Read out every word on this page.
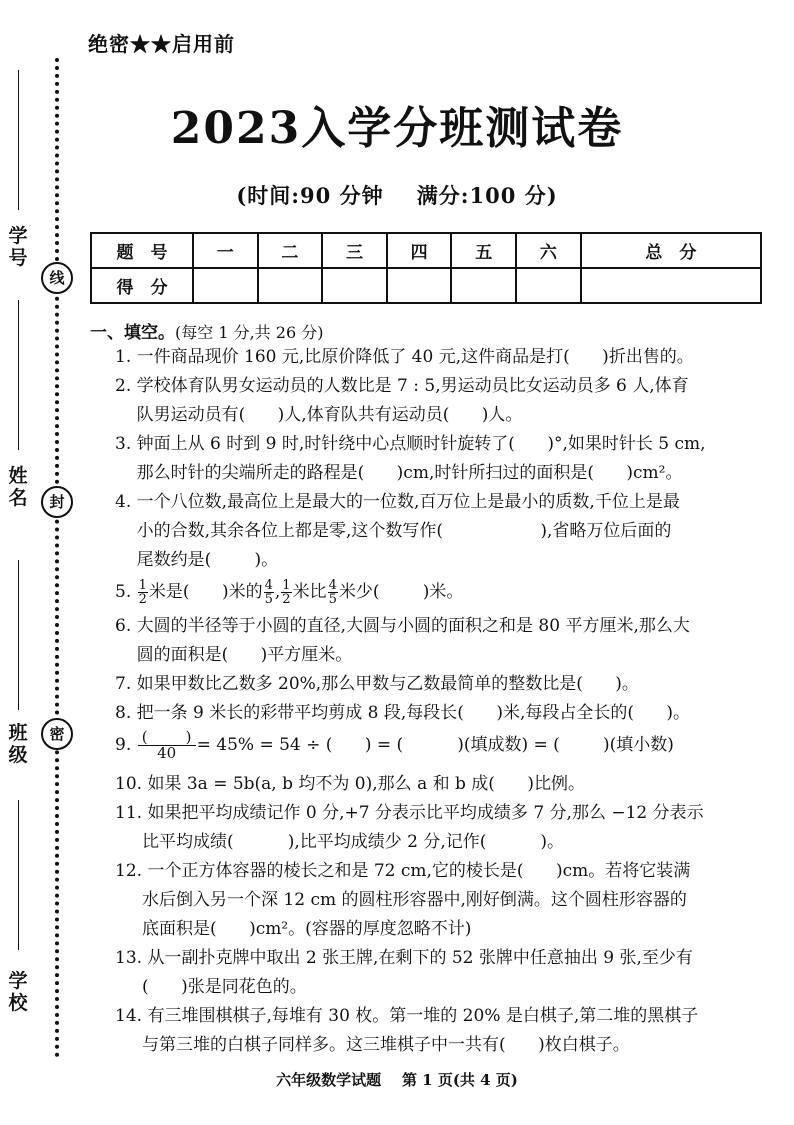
绝密★★启用前
2023入学分班测试卷
(时间:90 分钟    满分:100 分)
线
封
密
学 号
姓 名
班 级
学 校
题　号	一	二	三	四	五	六	总　分
得　分							
一、填空。(每空 1 分,共 26 分)
1. 一件商品现价 160 元,比原价降低了 40 元,这件商品是打(      )折出售的。
2. 学校体育队男女运动员的人数比是 7 : 5,男运动员比女运动员多 6 人,体育
队男运动员有(      )人,体育队共有运动员(      )人。
3. 钟面上从 6 时到 9 时,时针绕中心点顺时针旋转了(      )°,如果时针长 5 cm,
那么时针的尖端所走的路程是(      )cm,时针所扫过的面积是(      )cm²。
4. 一个八位数,最高位上是最大的一位数,百万位上是最小的质数,千位上是最
小的合数,其余各位上都是零,这个数写作(                  ),省略万位后面的
尾数约是(        )。
5. $\frac{1}{2}$ 米是(      )米的 $\frac{4}{5}$ , $\frac{1}{2}$ 米比 $\frac{4}{5}$ 米少(        )米。
6. 大圆的半径等于小圆的直径,大圆与小圆的面积之和是 80 平方厘米,那么大
圆的面积是(      )平方厘米。
7. 如果甲数比乙数多 20%,那么甲数与乙数最简单的整数比是(      )。
8. 把一条 9 米长的彩带平均剪成 8 段,每段长(      )米,每段占全长的(      )。
9. $\frac{( )}{40} = 45\% = 54$ ÷ (      ) = (          )(填成数) = (        )(填小数)
10. 如果 3a = 5b(a, b 均不为 0),那么 a 和 b 成(      )比例。
11. 如果把平均成绩记作 0 分,+7 分表示比平均成绩多 7 分,那么 −12 分表示
比平均成绩(          ),比平均成绩少 2 分,记作(          )。
12. 一个正方体容器的棱长之和是 72 cm,它的棱长是(      )cm。若将它装满
水后倒入另一个深 12 cm 的圆柱形容器中,刚好倒满。这个圆柱形容器的
底面积是(      )cm²。(容器的厚度忽略不计)
13. 从一副扑克牌中取出 2 张王牌,在剩下的 52 张牌中任意抽出 9 张,至少有
(      )张是同花色的。
14. 有三堆围棋棋子,每堆有 30 枚。第一堆的 20% 是白棋子,第二堆的黑棋子
与第三堆的白棋子同样多。这三堆棋子中一共有(      )枚白棋子。
六年级数学试题    第 1 页(共 4 页)
